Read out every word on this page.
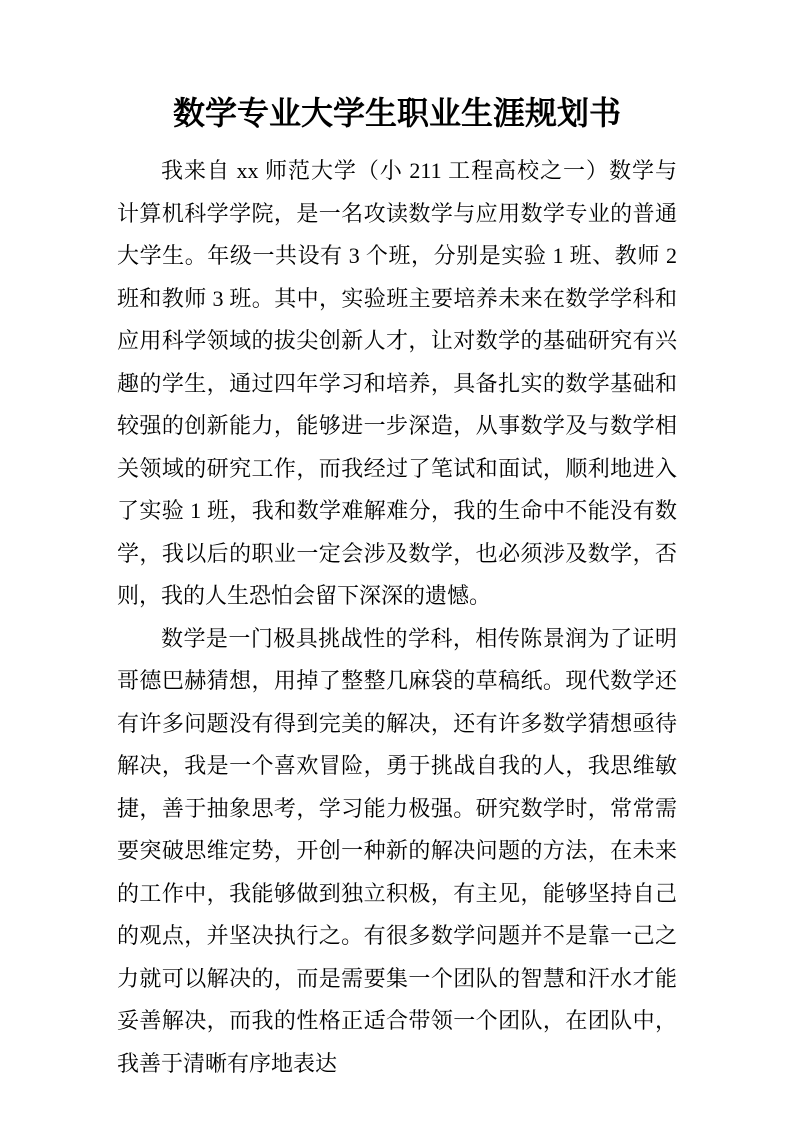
数学专业大学生职业生涯规划书

我来自 xx 师范大学（小 211 工程高校之一）数学与计算机科学学院，是一名攻读数学与应用数学专业的普通大学生。年级一共设有 3 个班，分别是实验 1 班、教师 2 班和教师 3 班。其中，实验班主要培养未来在数学学科和应用科学领域的拔尖创新人才，让对数学的基础研究有兴趣的学生，通过四年学习和培养，具备扎实的数学基础和较强的创新能力，能够进一步深造，从事数学及与数学相关领域的研究工作，而我经过了笔试和面试，顺利地进入了实验 1 班，我和数学难解难分，我的生命中不能没有数学，我以后的职业一定会涉及数学，也必须涉及数学，否则，我的人生恐怕会留下深深的遗憾。

数学是一门极具挑战性的学科，相传陈景润为了证明哥德巴赫猜想，用掉了整整几麻袋的草稿纸。现代数学还有许多问题没有得到完美的解决，还有许多数学猜想亟待解决，我是一个喜欢冒险，勇于挑战自我的人，我思维敏捷，善于抽象思考，学习能力极强。研究数学时，常常需要突破思维定势，开创一种新的解决问题的方法，在未来的工作中，我能够做到独立积极，有主见，能够坚持自己的观点，并坚决执行之。有很多数学问题并不是靠一己之力就可以解决的，而是需要集一个团队的智慧和汗水才能妥善解决，而我的性格正适合带领一个团队，在团队中，我善于清晰有序地表达
